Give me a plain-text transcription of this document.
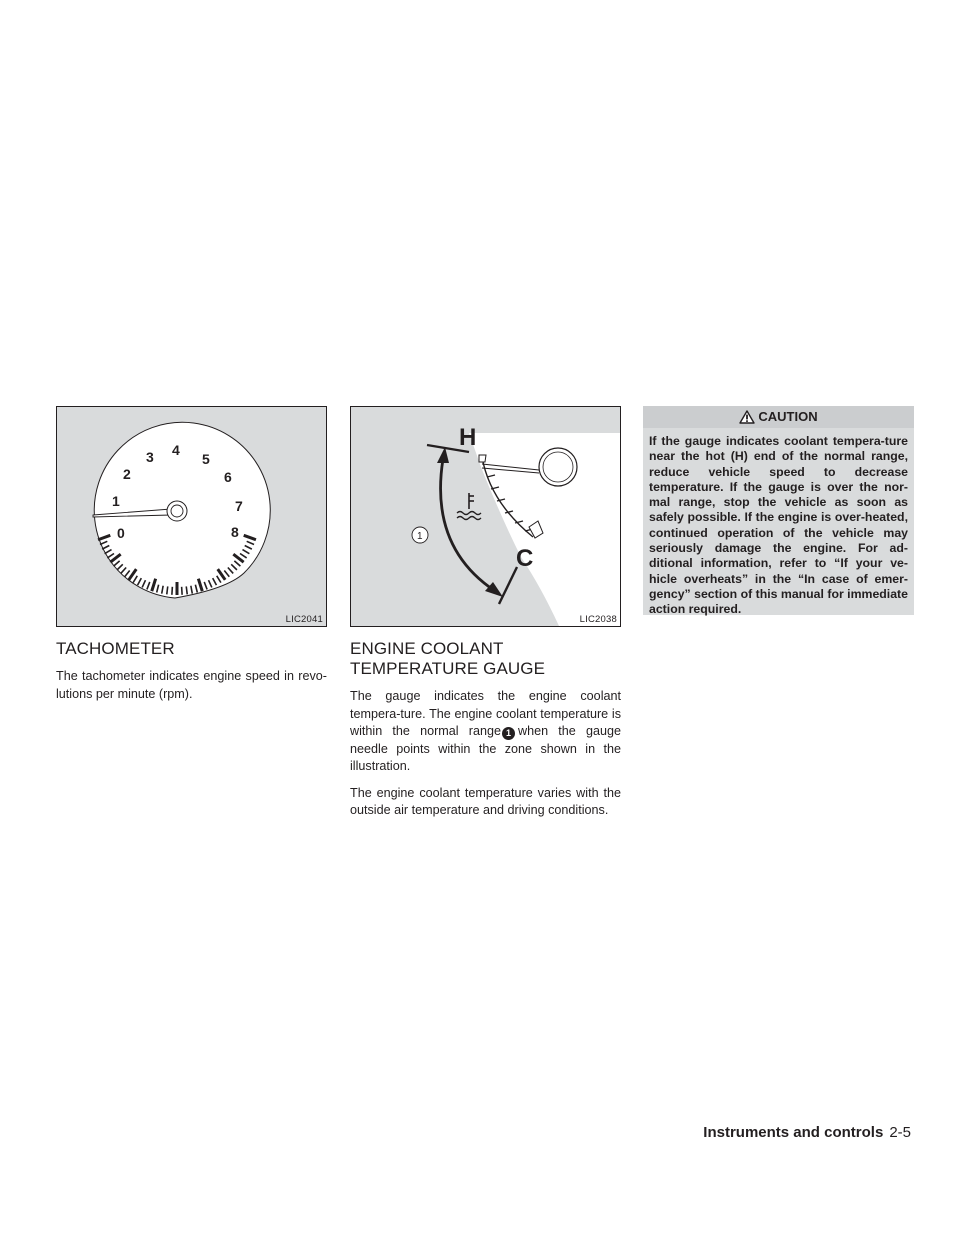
0
1
2
3 4
5
6
7
8
LIC2041
TACHOMETER

The tachometer indicates engine speed in revo-lutions per minute (rpm).

H
C
1
LIC2038
ENGINE COOLANT TEMPERATURE GAUGE

The gauge indicates the engine coolant tempera-ture. The engine coolant temperature is within the normal range 1 when the gauge needle points within the zone shown in the illustration.

The engine coolant temperature varies with the outside air temperature and driving conditions.

CAUTION
If the gauge indicates coolant tempera-ture near the hot (H) end of the normal range, reduce vehicle speed to decrease temperature. If the gauge is over the nor-mal range, stop the vehicle as soon as safely possible. If the engine is over-heated, continued operation of the vehicle may seriously damage the engine. For ad-ditional information, refer to “If your ve-hicle overheats” in the “In case of emer-gency” section of this manual for immediate action required.
Instruments and controls 2-5
